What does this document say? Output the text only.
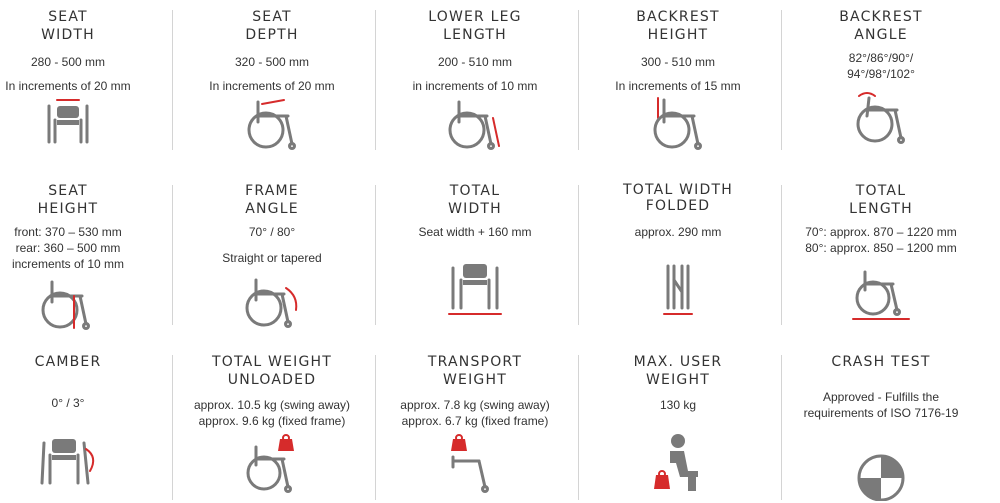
SEAT
WIDTH
280 - 500 mm
In increments of 20 mm
SEAT
DEPTH
320 - 500 mm
In increments of 20 mm
LOWER LEG
LENGTH
200 - 510 mm
in increments of 10 mm
BACKREST
HEIGHT
300 - 510 mm
In increments of 15 mm
BACKREST
ANGLE
82°/86°/90°/
94°/98°/102°
SEAT
HEIGHT
front: 370 – 530 mm
rear: 360 – 500 mm
increments of 10 mm
FRAME
ANGLE
70° / 80°
Straight or tapered
TOTAL
WIDTH
Seat width + 160 mm
TOTAL WIDTH
FOLDED
approx. 290 mm
TOTAL
LENGTH
70°: approx. 870 – 1220 mm
80°: approx. 850 – 1200 mm
CAMBER
0° / 3°
TOTAL WEIGHT
UNLOADED
approx. 10.5 kg (swing away)
approx. 9.6 kg (fixed frame)
TRANSPORT
WEIGHT
approx. 7.8 kg (swing away)
approx. 6.7 kg (fixed frame)
MAX. USER
WEIGHT
130 kg
CRASH TEST
Approved - Fulfills the
requirements of ISO 7176-19
